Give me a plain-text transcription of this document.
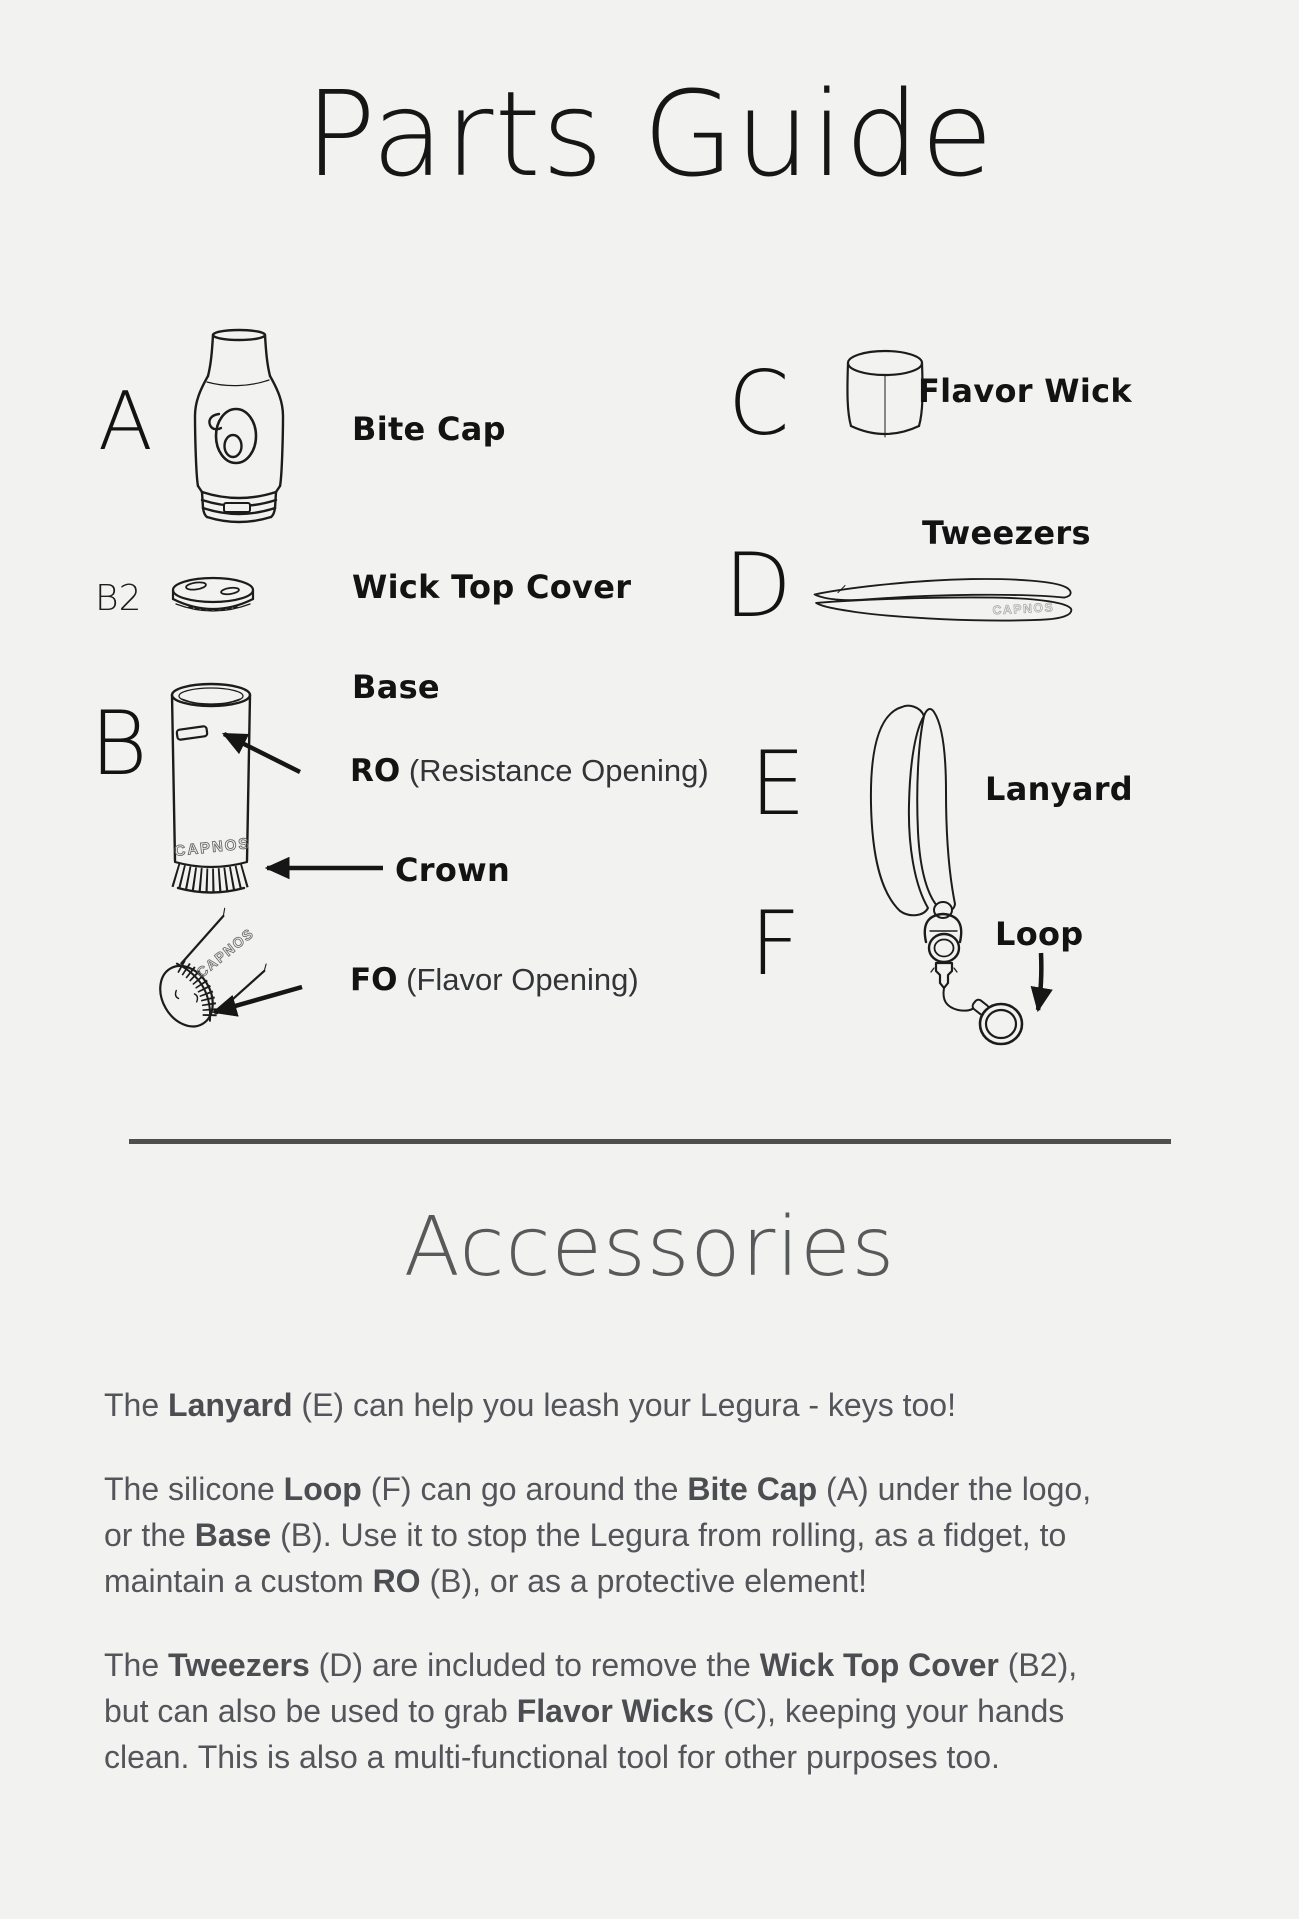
Parts Guide
A	Bite Cap
B2	Wick Top Cover
Base
B
CAPNOS
RO (Resistance Opening)
Crown
CAPNOS	FO (Flavor Opening)
C	Flavor Wick
Tweezers
D	CAPNOS
E	Lanyard
F	Loop
Accessories

The Lanyard (E) can help you leash your Legura - keys too!

The silicone Loop (F) can go around the Bite Cap (A) under the logo,
or the Base (B). Use it to stop the Legura from rolling, as a fidget, to
maintain a custom RO (B), or as a protective element!

The Tweezers (D) are included to remove the Wick Top Cover (B2),
but can also be used to grab Flavor Wicks (C), keeping your hands
clean. This is also a multi-functional tool for other purposes too.
